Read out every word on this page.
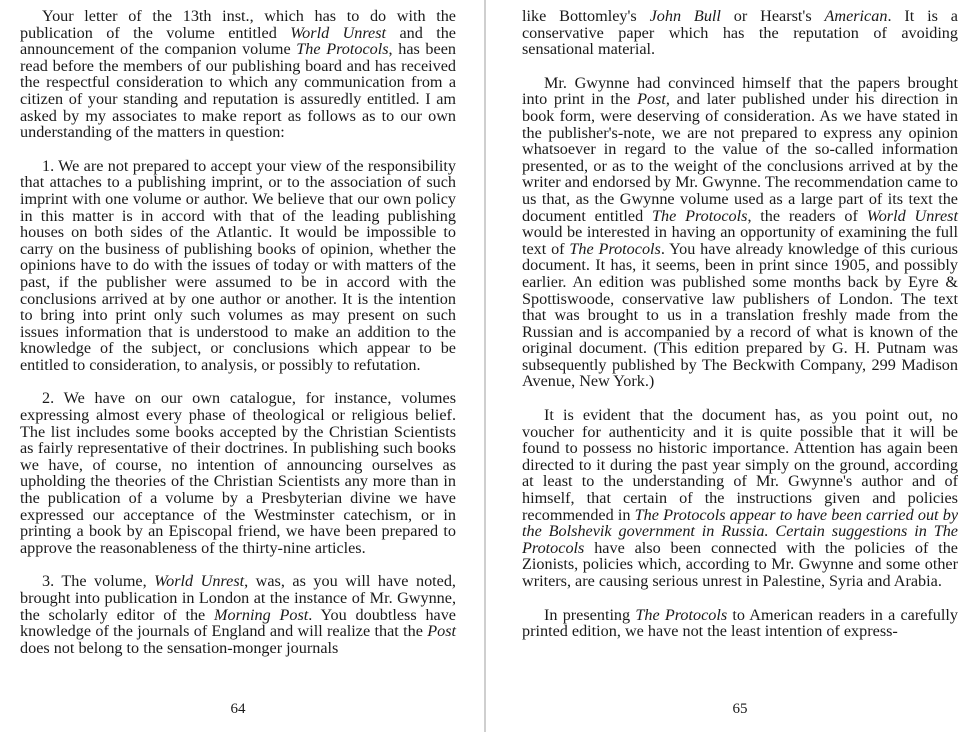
Your letter of the 13th inst., which has to do with the publication of the volume entitled World Unrest and the announcement of the companion volume The Protocols, has been read before the members of our publishing board and has received the respectful consideration to which any communication from a citizen of your standing and reputation is assuredly entitled. I am asked by my associates to make report as follows as to our own understanding of the matters in question:

1. We are not prepared to accept your view of the responsibility that attaches to a publishing imprint, or to the association of such imprint with one volume or author. We believe that our own policy in this matter is in accord with that of the leading publishing houses on both sides of the Atlantic. It would be impossible to carry on the business of publishing books of opinion, whether the opinions have to do with the issues of today or with matters of the past, if the publisher were assumed to be in accord with the conclusions arrived at by one author or another. It is the intention to bring into print only such volumes as may present on such issues information that is understood to make an addition to the knowledge of the subject, or conclusions which appear to be entitled to consideration, to analysis, or possibly to refutation.

2. We have on our own catalogue, for instance, volumes expressing almost every phase of theological or religious belief. The list includes some books accepted by the Christian Scientists as fairly representative of their doctrines. In publishing such books we have, of course, no intention of announcing ourselves as upholding the theories of the Christian Scientists any more than in the publication of a volume by a Presbyterian divine we have expressed our acceptance of the Westminster catechism, or in printing a book by an Episcopal friend, we have been prepared to approve the reasonableness of the thirty-nine articles.

3. The volume, World Unrest, was, as you will have noted, brought into publication in London at the instance of Mr. Gwynne, the scholarly editor of the Morning Post. You doubtless have knowledge of the journals of England and will realize that the Post does not belong to the sensation-monger journals

64

like Bottomley's John Bull or Hearst's American. It is a conservative paper which has the reputation of avoiding sensational material.

Mr. Gwynne had convinced himself that the papers brought into print in the Post, and later published under his direction in book form, were deserving of consideration. As we have stated in the publisher's-note, we are not prepared to express any opinion whatsoever in regard to the value of the so-called information presented, or as to the weight of the conclusions arrived at by the writer and endorsed by Mr. Gwynne. The recommendation came to us that, as the Gwynne volume used as a large part of its text the document entitled The Protocols, the readers of World Unrest would be interested in having an opportunity of examining the full text of The Protocols. You have already knowledge of this curious document. It has, it seems, been in print since 1905, and possibly earlier. An edition was published some months back by Eyre & Spottiswoode, conservative law publishers of London. The text that was brought to us in a translation freshly made from the Russian and is accompanied by a record of what is known of the original document. (This edition prepared by G. H. Putnam was subsequently published by The Beckwith Company, 299 Madison Avenue, New York.)

It is evident that the document has, as you point out, no voucher for authenticity and it is quite possible that it will be found to possess no historic importance. Attention has again been directed to it during the past year simply on the ground, according at least to the understanding of Mr. Gwynne's author and of himself, that certain of the instructions given and policies recommended in The Protocols appear to have been carried out by the Bolshevik government in Russia. Certain suggestions in The Protocols have also been connected with the policies of the Zionists, policies which, according to Mr. Gwynne and some other writers, are causing serious unrest in Palestine, Syria and Arabia.

In presenting The Protocols to American readers in a carefully printed edition, we have not the least intention of express-

65
